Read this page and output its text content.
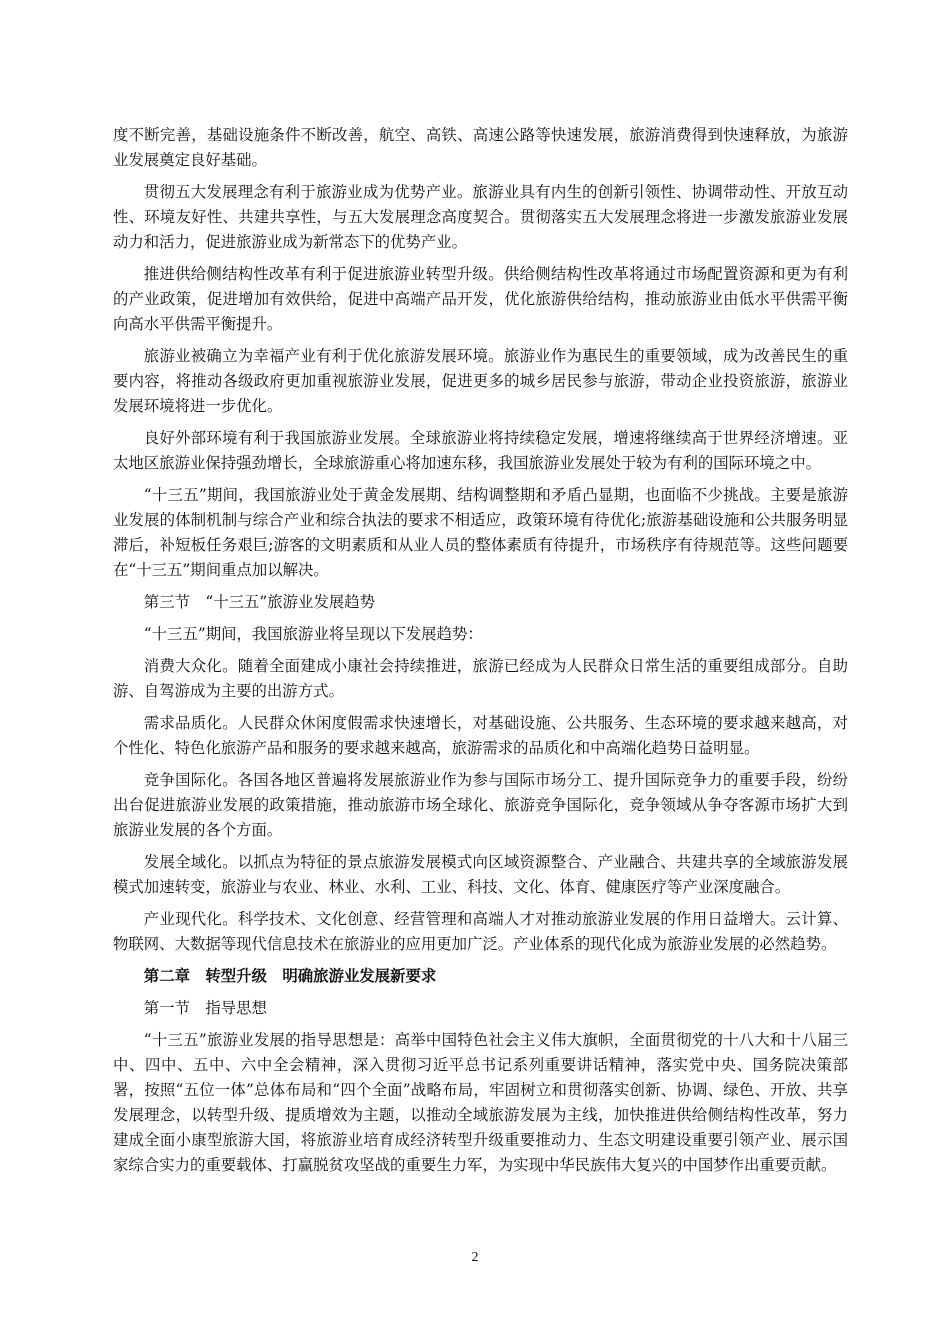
度不断完善，基础设施条件不断改善，航空、高铁、高速公路等快速发展，旅游消费得到快速释放，为旅游业发展奠定良好基础。

贯彻五大发展理念有利于旅游业成为优势产业。旅游业具有内生的创新引领性、协调带动性、开放互动性、环境友好性、共建共享性，与五大发展理念高度契合。贯彻落实五大发展理念将进一步激发旅游业发展动力和活力，促进旅游业成为新常态下的优势产业。

推进供给侧结构性改革有利于促进旅游业转型升级。供给侧结构性改革将通过市场配置资源和更为有利的产业政策，促进增加有效供给，促进中高端产品开发，优化旅游供给结构，推动旅游业由低水平供需平衡向高水平供需平衡提升。

旅游业被确立为幸福产业有利于优化旅游发展环境。旅游业作为惠民生的重要领域，成为改善民生的重要内容，将推动各级政府更加重视旅游业发展，促进更多的城乡居民参与旅游，带动企业投资旅游，旅游业发展环境将进一步优化。

良好外部环境有利于我国旅游业发展。全球旅游业将持续稳定发展，增速将继续高于世界经济增速。亚太地区旅游业保持强劲增长，全球旅游重心将加速东移，我国旅游业发展处于较为有利的国际环境之中。

“十三五”期间，我国旅游业处于黄金发展期、结构调整期和矛盾凸显期，也面临不少挑战。主要是旅游业发展的体制机制与综合产业和综合执法的要求不相适应，政策环境有待优化;旅游基础设施和公共服务明显滞后，补短板任务艰巨;游客的文明素质和从业人员的整体素质有待提升，市场秩序有待规范等。这些问题要在“十三五”期间重点加以解决。

第三节　“十三五”旅游业发展趋势

“十三五”期间，我国旅游业将呈现以下发展趋势：

消费大众化。随着全面建成小康社会持续推进，旅游已经成为人民群众日常生活的重要组成部分。自助游、自驾游成为主要的出游方式。

需求品质化。人民群众休闲度假需求快速增长，对基础设施、公共服务、生态环境的要求越来越高，对个性化、特色化旅游产品和服务的要求越来越高，旅游需求的品质化和中高端化趋势日益明显。

竞争国际化。各国各地区普遍将发展旅游业作为参与国际市场分工、提升国际竞争力的重要手段，纷纷出台促进旅游业发展的政策措施，推动旅游市场全球化、旅游竞争国际化，竞争领域从争夺客源市场扩大到旅游业发展的各个方面。

发展全域化。以抓点为特征的景点旅游发展模式向区域资源整合、产业融合、共建共享的全域旅游发展模式加速转变，旅游业与农业、林业、水利、工业、科技、文化、体育、健康医疗等产业深度融合。

产业现代化。科学技术、文化创意、经营管理和高端人才对推动旅游业发展的作用日益增大。云计算、物联网、大数据等现代信息技术在旅游业的应用更加广泛。产业体系的现代化成为旅游业发展的必然趋势。

第二章　转型升级　明确旅游业发展新要求

第一节　指导思想

“十三五”旅游业发展的指导思想是：高举中国特色社会主义伟大旗帜，全面贯彻党的十八大和十八届三中、四中、五中、六中全会精神，深入贯彻习近平总书记系列重要讲话精神，落实党中央、国务院决策部署，按照“五位一体”总体布局和“四个全面”战略布局，牢固树立和贯彻落实创新、协调、绿色、开放、共享发展理念，以转型升级、提质增效为主题，以推动全域旅游发展为主线，加快推进供给侧结构性改革，努力建成全面小康型旅游大国，将旅游业培育成经济转型升级重要推动力、生态文明建设重要引领产业、展示国家综合实力的重要载体、打赢脱贫攻坚战的重要生力军，为实现中华民族伟大复兴的中国梦作出重要贡献。

2
